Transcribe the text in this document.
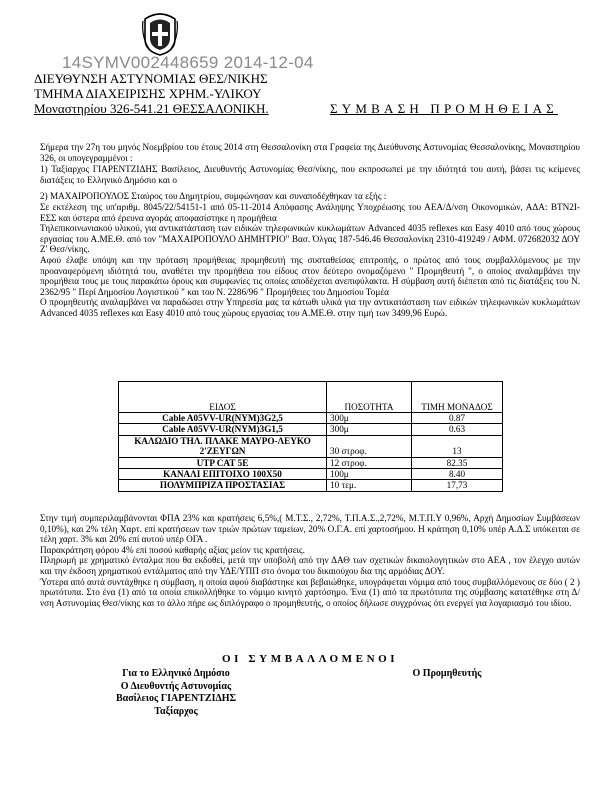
14SYMV002448659 2014-12-04
ΔΙΕΥΘΥΝΣΗ ΑΣΤΥΝΟΜΙΑΣ ΘΕΣ/ΝΙΚΗΣ
ΤΜΗΜΑ ΔΙΑΧΕΙΡΙΣΗΣ ΧΡΗΜ.-ΥΛΙΚΟΥ
Μοναστηρίου 326-541.21 ΘΕΣΣΑΛΟΝΙΚΗ.	ΣΥΜΒΑΣΗ ΠΡΟΜΗΘΕΙΑΣ

Σήμερα την 27η του μηνός Νοεμβρίου του έτους 2014 στη Θεσσαλονίκη στα Γραφεία της Διεύθυνσης Αστυνομίας Θεσσαλονίκης, Μοναστηρίου 326, οι υπογεγραμμένοι :

1) Ταξίαρχος ΓΙΑΡΕΝΤΖΙΔΗΣ Βασίλειος, Διευθυντής Αστυνομίας Θεσ/νίκης, που εκπροσωπεί με την ιδιότητά του αυτή, βάσει τις κείμενες διατάξεις το Ελληνικό Δημόσιο και ο

2) ΜΑΧΑΙΡΟΠΟΥΛΟΣ Σταύρος του Δημητρίου, συμφώνησαν και συναποδέχθηκαν τα εξής :

Σε εκτέλεση της υπ'αριθμ. 8045/22/54151-1 από 05-11-2014 Απόφασης Ανάληψης Υποχρέωσης του ΑΕΑ/Δ/νση Οικονομικών, ΑΔΑ: ΒΤΝ2Ι-ΕΣΣ και ύστερα από έρευνα αγοράς αποφασίστηκε η προμήθεια

Τηλεπικοινωνιακού υλικού, για αντικατάσταση των ειδικών τηλεφωνικών κυκλωμάτων Advanced 4035 reflexes και Easy 4010 από τους χώρους εργασίας του Α.ΜΕ.Θ. από τον "ΜΑΧΑΙΡΟΠΟΥΛΟ ΔΗΜΗΤΡΙΟ" Βασ. Όλγας 187-546.46 Θεσσαλονίκη 2310-419249 / ΑΦΜ. 072682032 ΔΟΥ Ζ' Θεσ/νίκης.

Αφού έλαβε υπόψη και την πρόταση προμήθειας προμηθευτή της συσταθείσας επιτροπής, ο πρώτος από τους συμβαλλόμενους με την προαναφερόμενη ιδιότητά του, αναθέτει την προμήθεια του είδους στον δεύτερο ονομαζόμενο " Προμηθευτή ", ο οποίος αναλαμβάνει την προμήθεια τους με τους παρακάτω όρους και συμφωνίες τις οποίες αποδέχεται ανεπιφύλακτα. Η σύμβαση αυτή διέπεται από τις διατάξεις του Ν. 2362/95 " Περί Δημοσίου Λογιστικού " και του Ν. 2286/96 " Προμήθειες του Δημοσίου Τομέα

Ο προμηθευτής αναλαμβάνει να παραδώσει στην Υπηρεσία μας τα κάτωθι υλικά για την αντικατάσταση των ειδικών τηλεφωνικών κυκλωμάτων Advanced 4035 reflexes και Easy 4010 από τους χώρους εργασίας του Α.ΜΕ.Θ. στην τιμή των 3499,96 Ευρώ.

ΕΙΔΟΣ	ΠΟΣΟΤΗΤΑ	ΤΙΜΗ ΜΟΝΑΔΟΣ
Cable A05VV-UR(NYM)3G2,5	300μ	0.87
Cable A05VV-UR(NYM)3G1,5	300μ	0.63
ΚΑΛΩΔΙΟ ΤΗΛ. ΠΛΑΚΕ ΜΑΥΡΟ-ΛΕΥΚΟ 2'ΖΕΥΓΩΝ	30 στροφ.	13
UTP CAT 5E	12 στροφ.	82.35
ΚΑΝΑΛΙ ΕΠΙΤΟΙΧΟ 100Χ50	100μ	8.40
ΠΟΛΥΜΠΡΙΖΑ ΠΡΟΣΤΑΣΙΑΣ	10 τεμ.	17,73

Στην τιμή συμπεριλαμβάνονται ΦΠΑ 23% και κρατήσεις 6,5%,( Μ.Τ.Σ., 2,72%, Τ.Π.Α.Σ.,2,72%, Μ.Τ.Π.Υ 0,96%, Αρχή Δημοσίων Συμβάσεων 0,10%), και 2% τέλη Χαρτ. επί κρατήσεων των τριών πρώτων ταμείων, 20% Ο.Γ.Α. επί χαρτοσήμου. Η κράτηση 0,10% υπέρ Α.Δ.Σ υπόκειται σε τέλη χαρτ. 3% και 20% επί αυτού υπέρ ΟΓΑ .

Παρακράτηση φόρου 4% επί ποσού καθαρής αξίας μείον τις κρατήσεις.

Πληρωμή με χρηματικό ένταλμα που θα εκδοθεί, μετά την υποβολή από την ΔΑΘ των σχετικών δικαιολογητικών στο ΑΕΑ , τον έλεγχο αυτών και την έκδοση χρηματικού εντάλματος από την ΥΔΕ/ΥΠΠ στο όνομα του δικαιούχου δια της αρμόδιας ΔΟΥ.

Ύστερα από αυτά συντάχθηκε η σύμβαση, η οποία αφού διαβάστηκε και βεβαιώθηκε, υπογράφεται νόμιμα από τους συμβαλλόμενους σε δύο ( 2 ) πρωτότυπα. Στο ένα (1) από τα οποία επικολλήθηκε το νόμιμο κινητό χαρτόσημο. Ένα (1) από τα πρωτότυπα της σύμβασης κατατέθηκε στη Δ/νση Αστυνομίας Θεσ/νίκης και το άλλο πήρε ως διπλόγραφο ο προμηθευτής, ο οποίος δήλωσε συγχρόνως ότι ενεργεί για λογαριασμό του ιδίου.

ΟΙ ΣΥΜΒΑΛΛΟΜΕΝΟΙ
Για το Ελληνικό Δημόσιο
Ο Διευθυντής Αστυνομίας
Βασίλειος ΓΙΑΡΕΝΤΖΙΔΗΣ
Ταξίαρχος
Ο Προμηθευτής
